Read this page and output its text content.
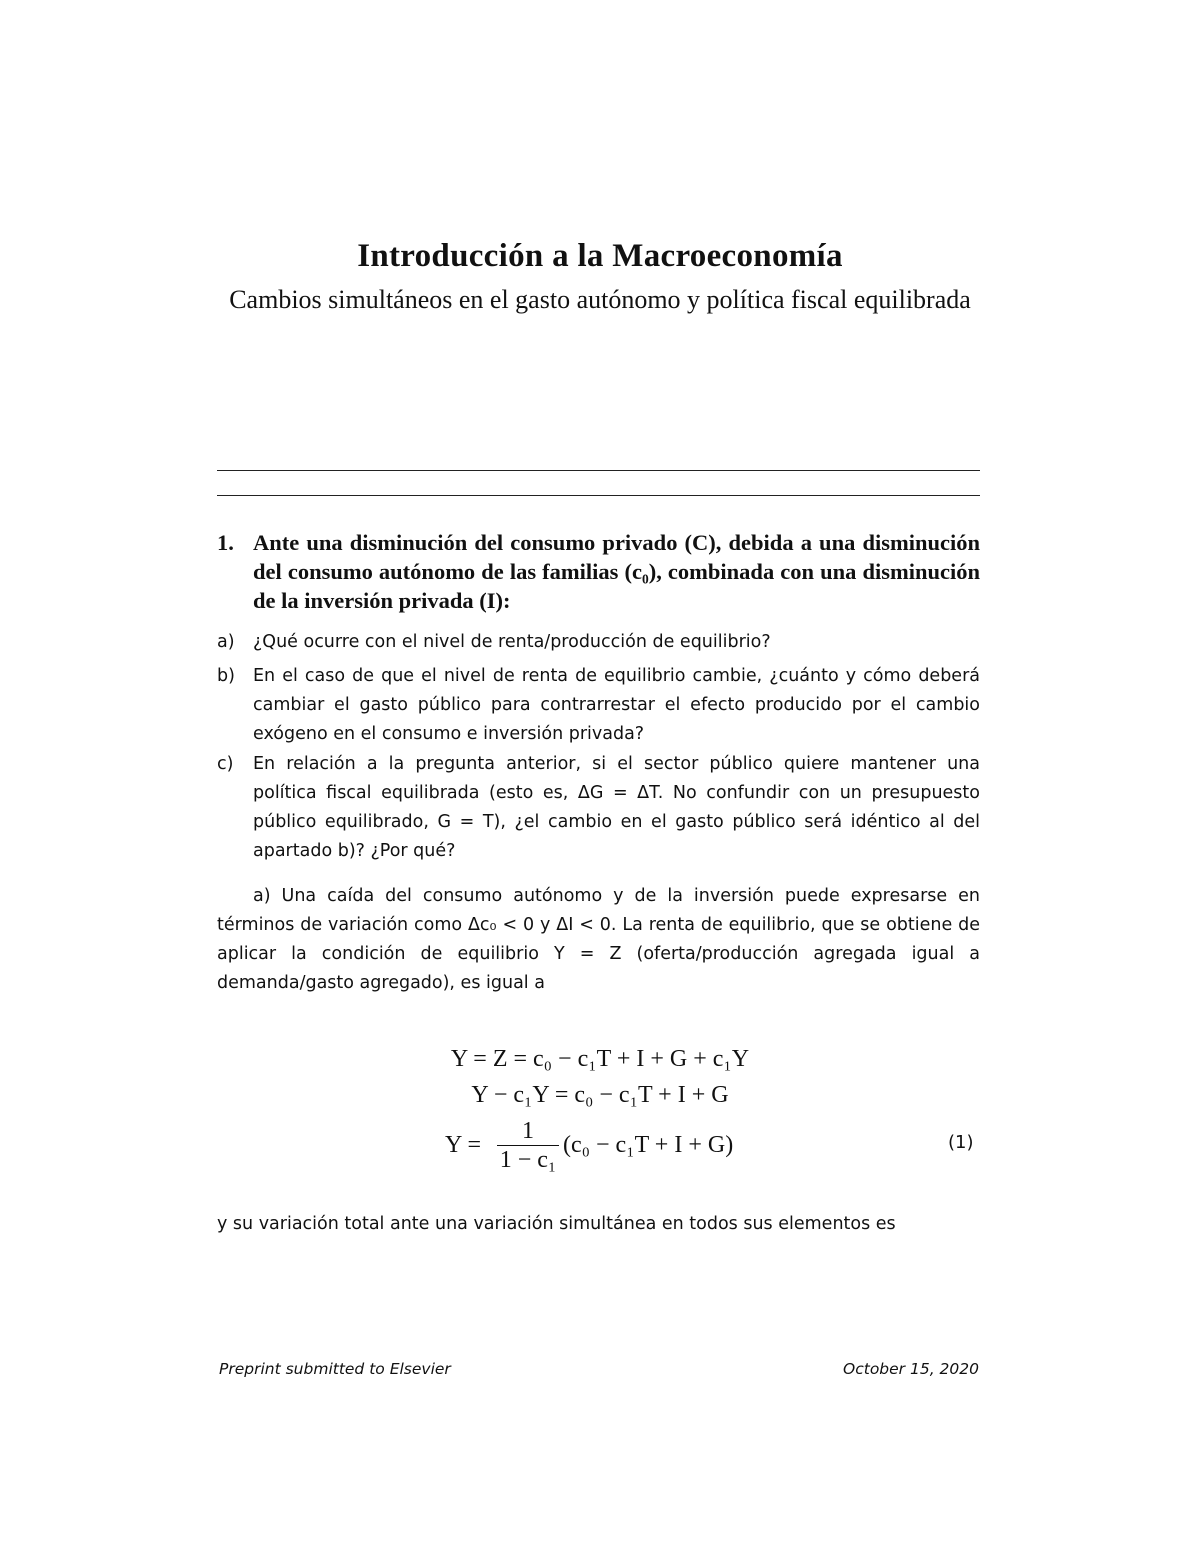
Introducción a la Macroeconomía
Cambios simultáneos en el gasto autónomo y política fiscal equilibrada
1. Ante una disminución del consumo privado (C), debida a una disminución del consumo autónomo de las familias (c₀), combinada con una disminución de la inversión privada (I):
a) ¿Qué ocurre con el nivel de renta/producción de equilibrio?
b) En el caso de que el nivel de renta de equilibrio cambie, ¿cuánto y cómo deberá cambiar el gasto público para contrarrestar el efecto producido por el cambio exógeno en el consumo e inversión privada?
c) En relación a la pregunta anterior, si el sector público quiere mantener una política fiscal equilibrada (esto es, ΔG = ΔT. No confundir con un presupuesto público equilibrado, G = T), ¿el cambio en el gasto público será idéntico al del apartado b)? ¿Por qué?
a) Una caída del consumo autónomo y de la inversión puede expresarse en términos de variación como Δc₀ < 0 y ΔI < 0. La renta de equilibrio, que se obtiene de aplicar la condición de equilibrio Y = Z (oferta/producción agregada igual a demanda/gasto agregado), es igual a
Y = Z = c₀ − c₁T + I + G + c₁Y
Y − c₁Y = c₀ − c₁T + I + G
Y =
1
1 − c₁
(c₀ − c₁T + I + G)	(1)
y su variación total ante una variación simultánea en todos sus elementos es
Preprint submitted to Elsevier	October 15, 2020
